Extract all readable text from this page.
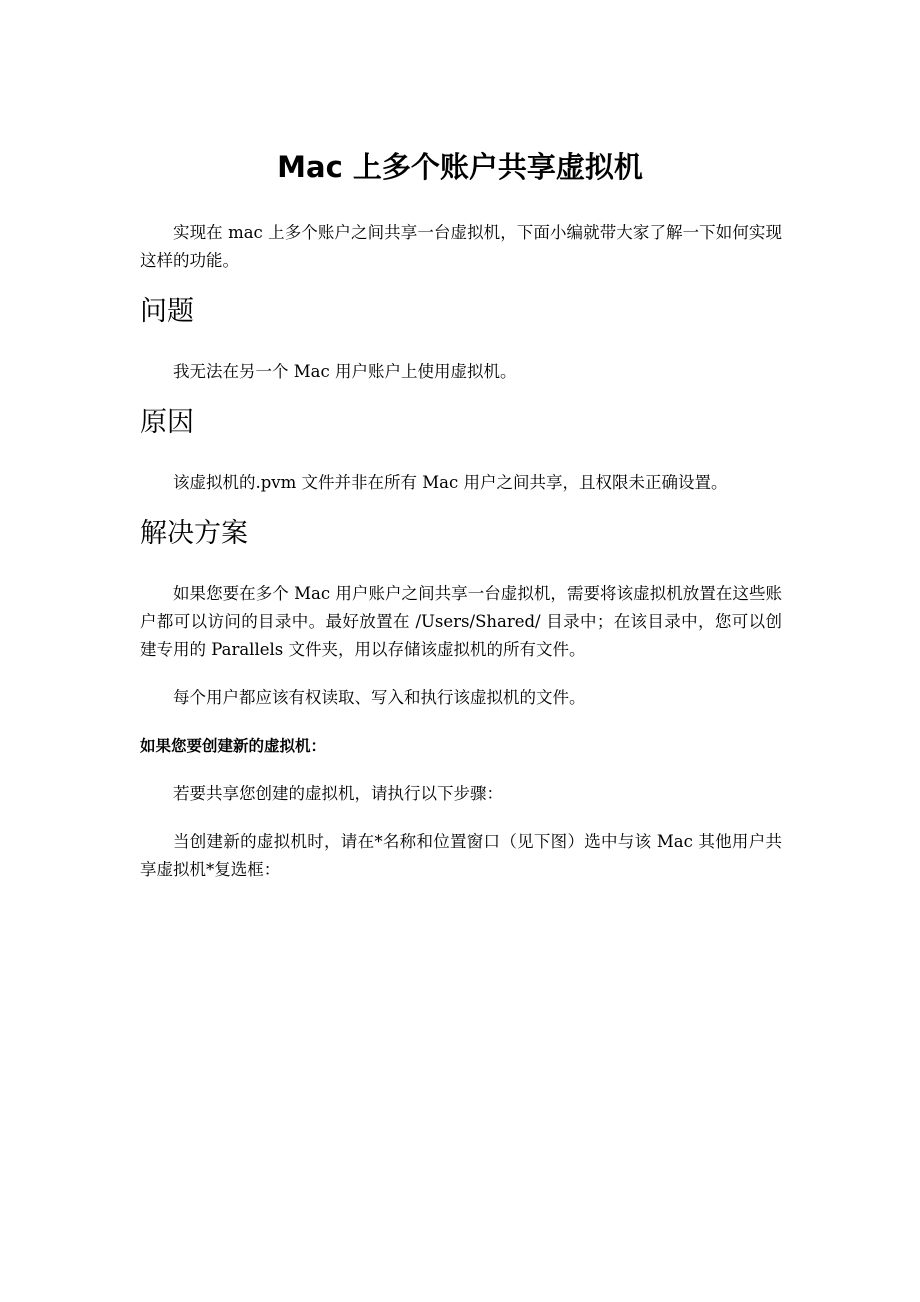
Mac 上多个账户共享虚拟机

实现在 mac 上多个账户之间共享一台虚拟机，下面小编就带大家了解一下如何实现这样的功能。

问题

我无法在另一个 Mac 用户账户上使用虚拟机。

原因

该虚拟机的.pvm 文件并非在所有 Mac 用户之间共享，且权限未正确设置。

解决方案

如果您要在多个 Mac 用户账户之间共享一台虚拟机，需要将该虚拟机放置在这些账户都可以访问的目录中。最好放置在 /Users/Shared/ 目录中；在该目录中，您可以创建专用的 Parallels 文件夹，用以存储该虚拟机的所有文件。

每个用户都应该有权读取、写入和执行该虚拟机的文件。

如果您要创建新的虚拟机：

若要共享您创建的虚拟机，请执行以下步骤：

当创建新的虚拟机时，请在*名称和位置窗口（见下图）选中与该 Mac 其他用户共享虚拟机*复选框：
